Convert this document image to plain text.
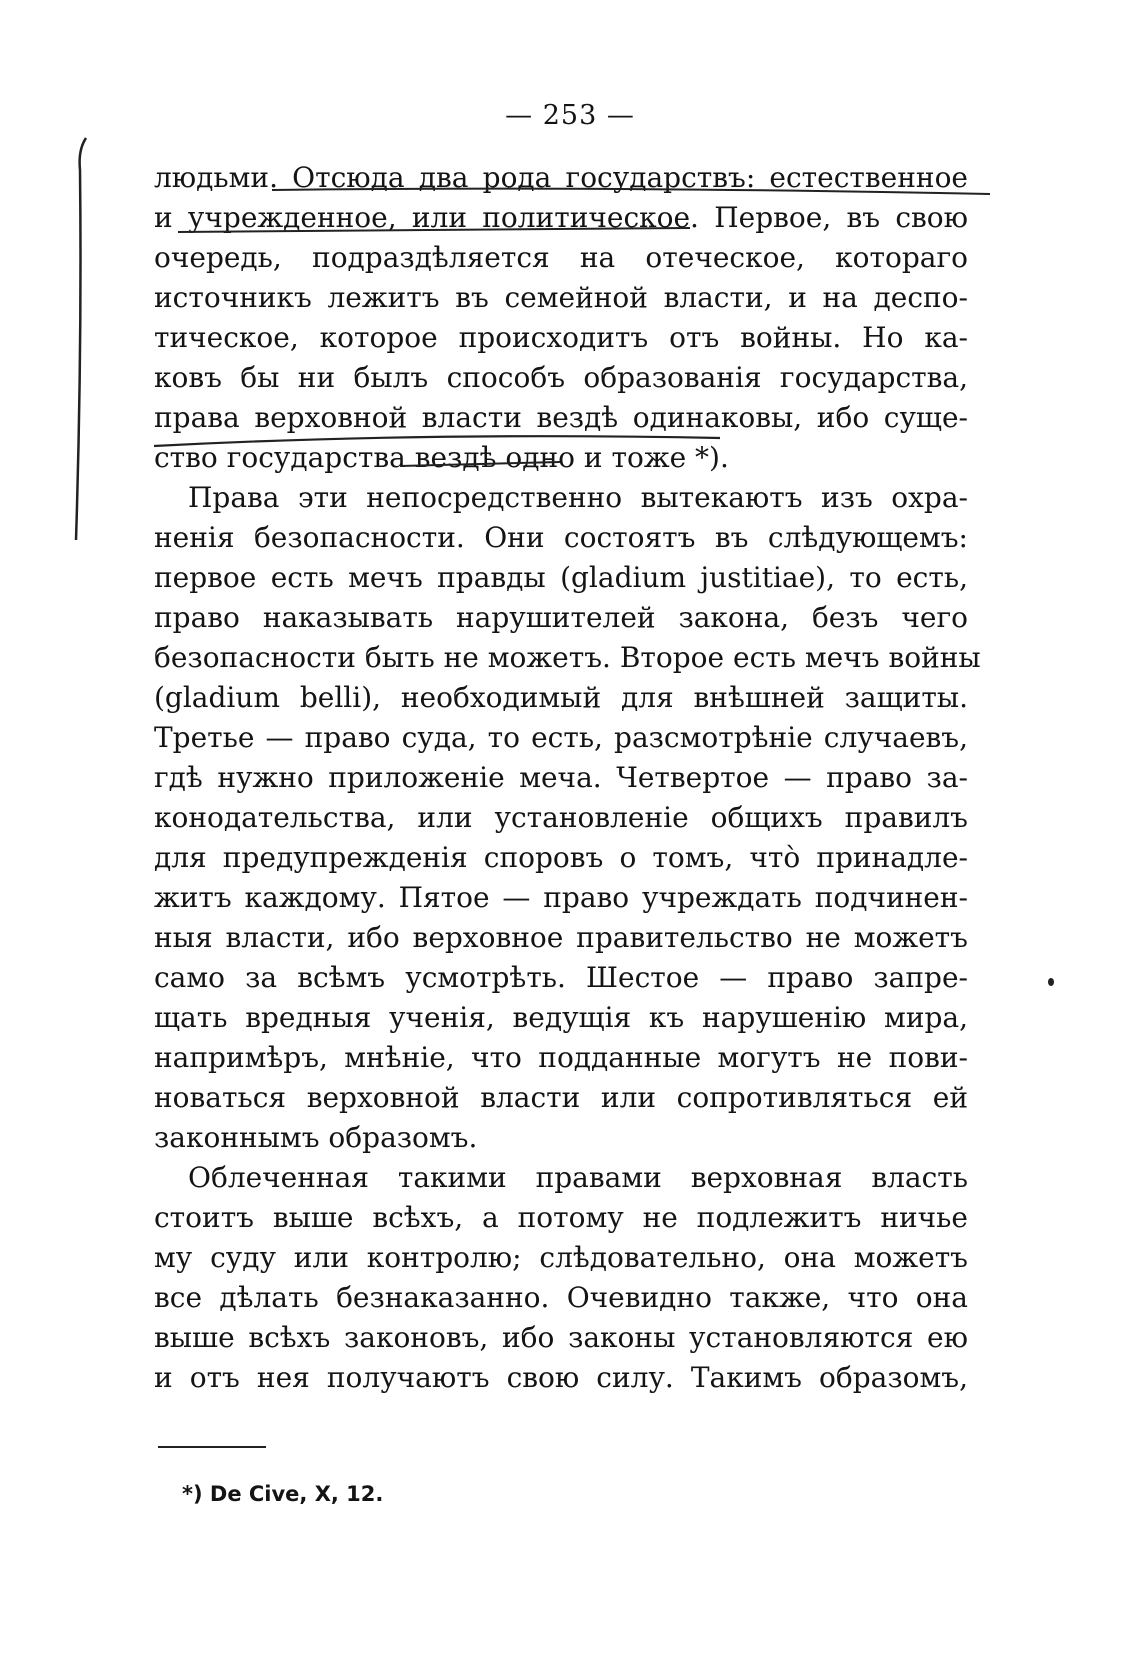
— 253 —
людьми. Отсюда два рода государствъ: естественное
и учрежденное, или политическое. Первое, въ свою
очередь, подраздѣляется на отеческое, котораго
источникъ лежитъ въ семейной власти, и на деспо-
тическое, которое происходитъ отъ войны. Но ка-
ковъ бы ни былъ способъ образованія государства,
права верховной власти вездѣ одинаковы, ибо суще-
ство государства вездѣ одно и тоже *).
Права эти непосредственно вытекаютъ изъ охра-
ненія безопасности. Они состоятъ въ слѣдующемъ:
первое есть мечъ правды (gladium justitiae), то есть,
право наказывать нарушителей закона, безъ чего
безопасности быть не можетъ. Второе есть мечъ войны
(gladium belli), необходимый для внѣшней защиты.
Третье — право суда, то есть, разсмотрѣніе случаевъ,
гдѣ нужно приложеніе меча. Четвертое — право за-
конодательства, или установленіе общихъ правилъ
для предупрежденія споровъ о томъ, чтò принадле-
житъ каждому. Пятое — право учреждать подчинен-
ныя власти, ибо верховное правительство не можетъ
само за всѣмъ усмотрѣть. Шестое — право запре-
щать вредныя ученія, ведущія къ нарушенію мира,
напримѣръ, мнѣніе, что подданные могутъ не пови-
новаться верховной власти или сопротивляться ей
законнымъ образомъ.
Облеченная такими правами верховная власть
стоитъ выше всѣхъ, а потому не подлежитъ ничье
му суду или контролю; слѣдовательно, она можетъ
все дѣлать безнаказанно. Очевидно также, что она
выше всѣхъ законовъ, ибо законы установляются ею
и отъ нея получаютъ свою силу. Такимъ образомъ,
*) De Cive, X, 12.
